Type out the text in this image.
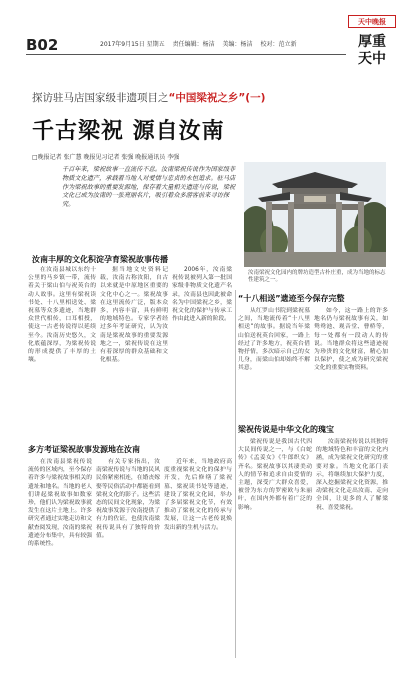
B02	2017年9月15日 星期五 责任编辑：杨洁 美编：杨洁 校对：范立新
天中晚报
厚重
天中
探访驻马店国家级非遗项目之“中国梁祝之乡”(一)
千古梁祝 源自汝南
□晚报记者 张广慧 晚报见习记者 张强 晚报通讯员 李强
千百年来，梁祝故事一直流传不息。汝南梁祝传说作为国家级非物质文化遗产，承载着当地人对爱情与忠贞的永恒追求。驻马店作为梁祝故事的重要发源地，保存着大量相关遗迹与传说，梁祝文化已成为汝南的一张亮丽名片，吸引着众多游客前来寻访探究。
汝南梁祝文化园内的牌坊造型古朴庄重，成为当地的标志性建筑之一。
汝南丰厚的文化积淀孕育梁祝故事传播

在汝南县城以东约十公里的马乡镇一带，流传着关于梁山伯与祝英台的动人故事。这里有梁祝读书处、十八里相送处、梁祝墓等众多遗迹，当地群众世代相传，口耳相授，使这一古老传说得以延续至今。汝南历史悠久，文化底蕴深厚，为梁祝传说的形成提供了丰厚的土壤。

据当地文史资料记载，汝南古称汝阳，自古以来就是中原地区重要的文化中心之一。梁祝故事在这里流传广泛，版本众多，内容丰富，具有鲜明的地域特色。专家学者经过多年考证研究，认为汝南是梁祝故事的重要发源地之一，梁祝传说在这里有着深厚的群众基础和文化根基。

2006年，汝南梁祝传说被列入第一批国家级非物质文化遗产名录，汝南县也因此被命名为中国梁祝之乡，梁祝文化的保护与传承工作由此进入新的阶段。

多方考证梁祝故事发源地在汝南

在汝南县梁祝传说流传的区域内，至今保存着许多与梁祝故事相关的遗址和地名。当地的老人们讲起梁祝故事如数家珍，他们认为梁祝故事就发生在这片土地上。许多研究者通过实地走访和文献查阅发现，汝南的梁祝遗迹分布集中，具有较强的系统性。

有关专家指出，汝南梁祝传说与当地的民风民俗紧密相连，在婚丧嫁娶等民俗活动中都能看到梁祝文化的影子。这些活态的民间文化现象，为梁祝故事发源于汝南提供了有力的佐证，也使汝南梁祝传说具有了独特的价值。

近年来，当地政府高度重视梁祝文化的保护与开发，先后修缮了梁祝墓、梁祝读书处等遗迹，建设了梁祝文化园，举办了多届梁祝文化节，有效推动了梁祝文化的传承与发展，让这一古老传说焕发出新的生机与活力。

“十八相送”遗迹至今保存完整

从红罗山书院到梁祝墓之间，当地流传着“十八里相送”的故事。据说当年梁山伯送祝英台回家，一路上经过了许多地方，祝英台借物抒情，多次暗示自己的女儿身，而梁山伯却始终不解其意。

如今，这一路上的许多地名仍与梁祝故事有关，如鸳鸯池、观音堂、曹桥等，每一处都有一段动人的传说。当地群众将这些遗迹视为珍贵的文化财富，精心加以保护，使之成为研究梁祝文化的重要实物资料。

梁祝传说是中华文化的瑰宝

梁祝传说是我国古代四大民间传说之一，与《白蛇传》《孟姜女》《牛郎织女》齐名。梁祝故事以其凄美动人的情节和追求自由爱情的主题，深受广大群众喜爱，被誉为东方的罗密欧与朱丽叶，在国内外都有着广泛的影响。

汝南梁祝传说以其独特的地域特色和丰富的文化内涵，成为梁祝文化研究的重要对象。当地文化部门表示，将继续加大保护力度，深入挖掘梁祝文化资源，推动梁祝文化走出汝南、走向全国，让更多的人了解梁祝、喜爱梁祝。
